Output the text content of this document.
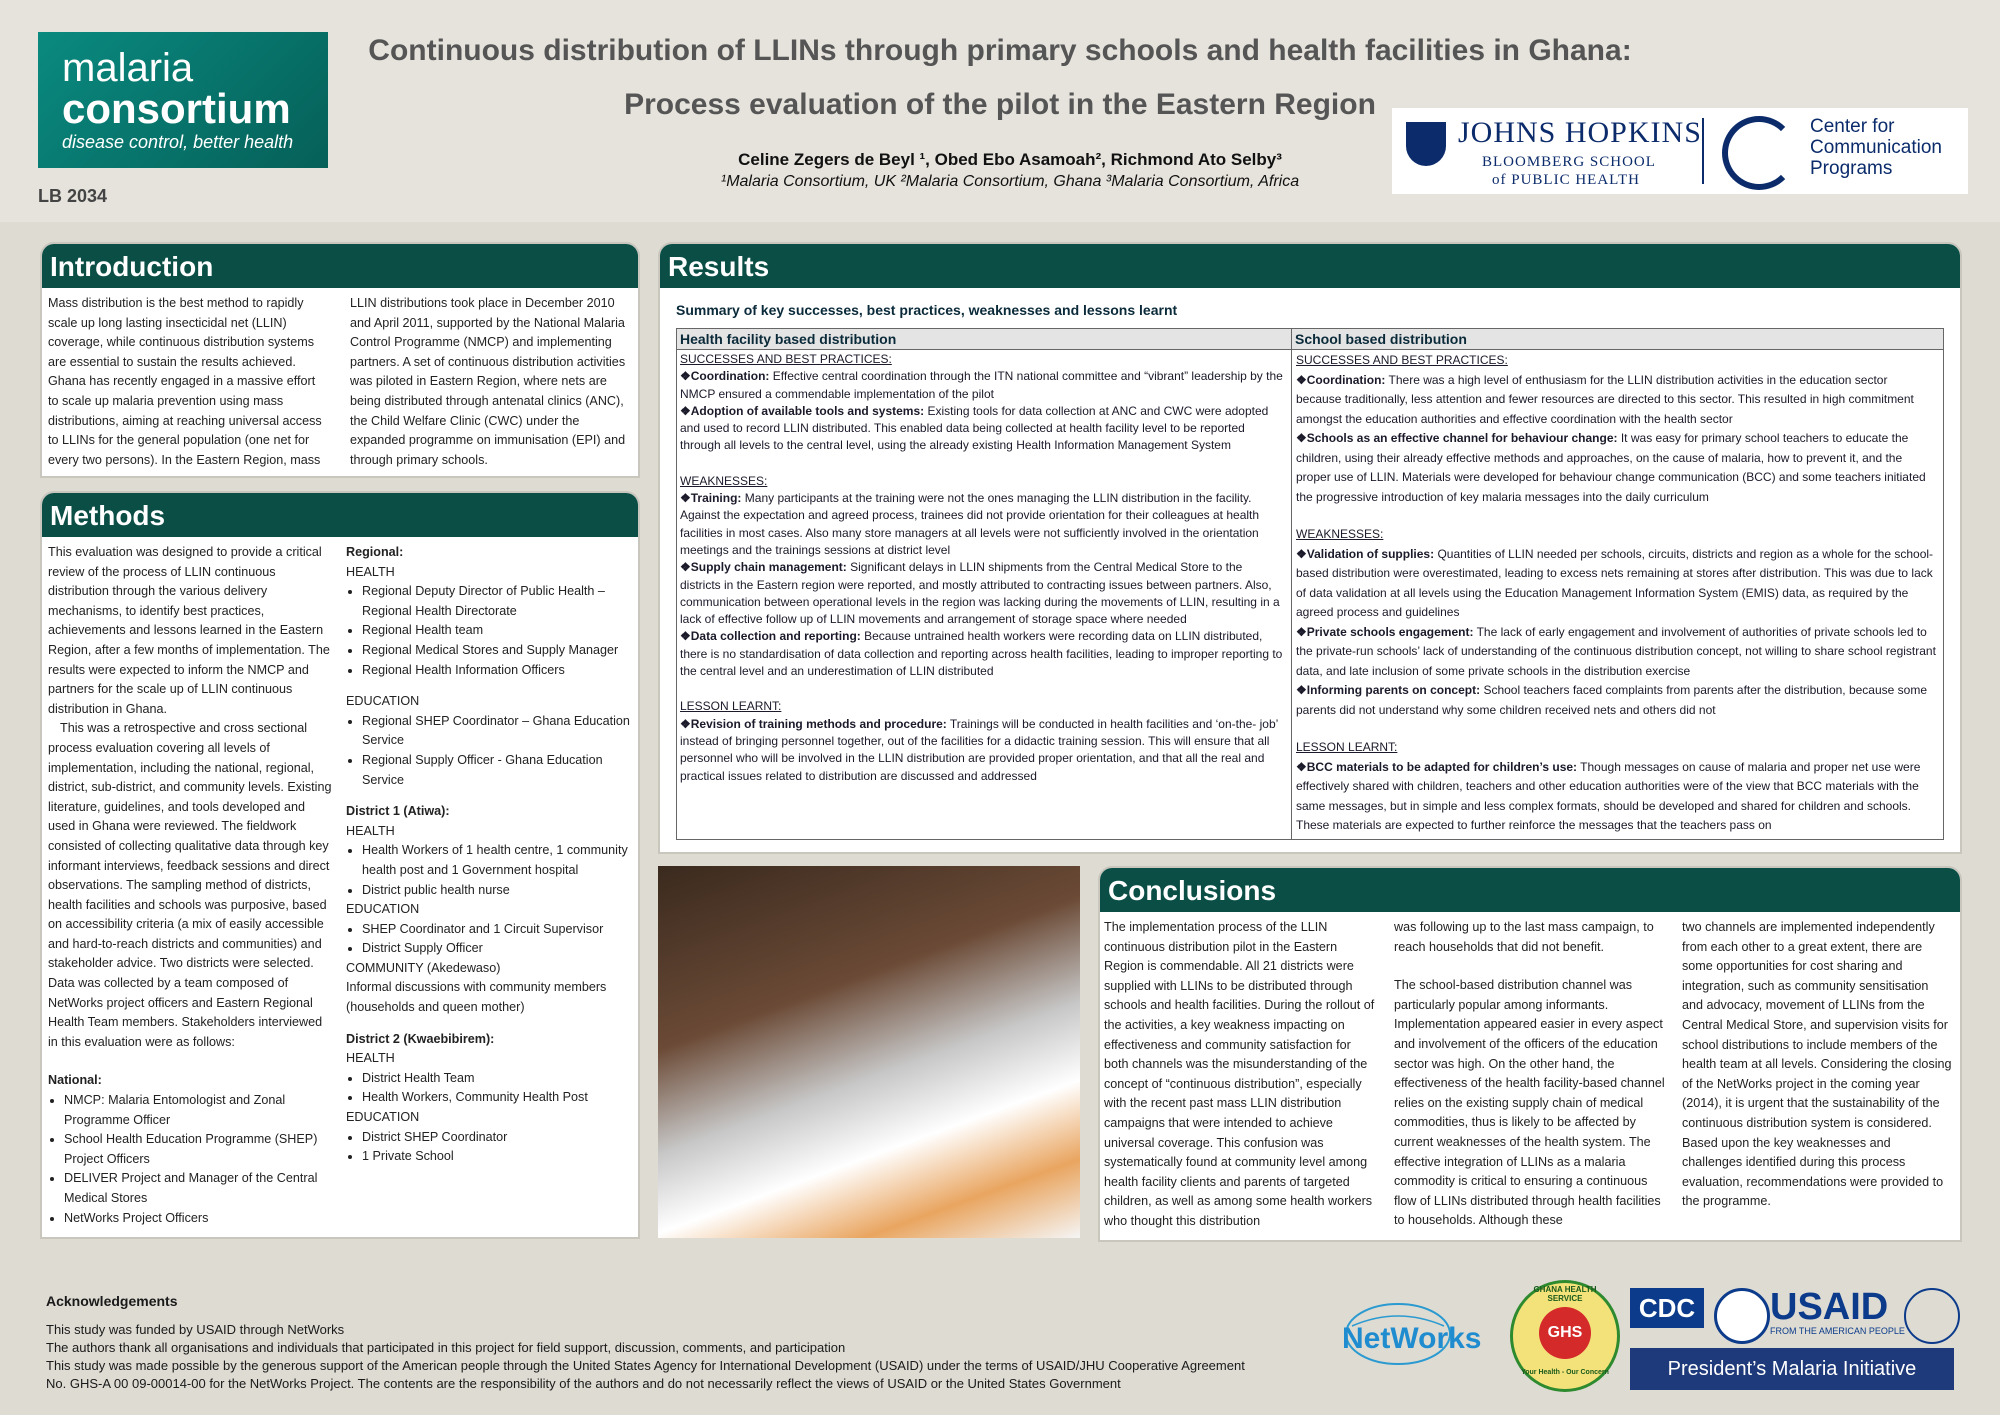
malaria
consortium
disease control, better health
LB 2034
Continuous distribution of LLINs through primary schools and health facilities in Ghana:
Process evaluation of the pilot in the Eastern Region
Celine Zegers de Beyl ¹, Obed Ebo Asamoah², Richmond Ato Selby³
¹Malaria Consortium, UK ²Malaria Consortium, Ghana ³Malaria Consortium, Africa
JOHNS HOPKINS
BLOOMBERG SCHOOL
of PUBLIC HEALTH
Center for
Communication
Programs
Introduction
Mass distribution is the best method to rapidly scale up long lasting insecticidal net (LLIN) coverage, while continuous distribution systems are essential to sustain the results achieved. Ghana has recently engaged in a massive effort to scale up malaria prevention using mass distributions, aiming at reaching universal access to LLINs for the general population (one net for every two persons). In the Eastern Region, mass
LLIN distributions took place in December 2010 and April 2011, supported by the National Malaria Control Programme (NMCP) and implementing partners. A set of continuous distribution activities was piloted in Eastern Region, where nets are being distributed through antenatal clinics (ANC), the Child Welfare Clinic (CWC) under the expanded programme on immunisation (EPI) and through primary schools.
Methods

This evaluation was designed to provide a critical review of the process of LLIN continuous distribution through the various delivery mechanisms, to identify best practices, achievements and lessons learned in the Eastern Region, after a few months of implementation. The results were expected to inform the NMCP and partners for the scale up of LLIN continuous distribution in Ghana.

This was a retrospective and cross sectional process evaluation covering all levels of implementation, including the national, regional, district, sub-district, and community levels. Existing literature, guidelines, and tools developed and used in Ghana were reviewed. The fieldwork consisted of collecting qualitative data through key informant interviews, feedback sessions and direct observations. The sampling method of districts, health facilities and schools was purposive, based on accessibility criteria (a mix of easily accessible and hard-to-reach districts and communities) and stakeholder advice. Two districts were selected. Data was collected by a team composed of NetWorks project officers and Eastern Regional Health Team members. Stakeholders interviewed in this evaluation were as follows:

National:

• NMCP: Malaria Entomologist and Zonal Programme Officer
• School Health Education Programme (SHEP) Project Officers
• DELIVER Project and Manager of the Central Medical Stores
• NetWorks Project Officers

Regional:

HEALTH

• Regional Deputy Director of Public Health – Regional Health Directorate
• Regional Health team
• Regional Medical Stores and Supply Manager
• Regional Health Information Officers

EDUCATION

• Regional SHEP Coordinator – Ghana Education Service
• Regional Supply Officer - Ghana Education Service

District 1 (Atiwa):

HEALTH

• Health Workers of 1 health centre, 1 community health post and 1 Government hospital
• District public health nurse

EDUCATION

• SHEP Coordinator and 1 Circuit Supervisor
• District Supply Officer

COMMUNITY (Akedewaso)

Informal discussions with community members (households and queen mother)

District 2 (Kwaebibirem):

HEALTH

• District Health Team
• Health Workers, Community Health Post

EDUCATION

• District SHEP Coordinator
• 1 Private School
Results
Summary of key successes, best practices, weaknesses and lessons learnt
Health facility based distribution	School based distribution

SUCCESSES AND BEST PRACTICES:

❖Coordination: Effective central coordination through the ITN national committee and “vibrant” leadership by the NMCP ensured a commendable implementation of the pilot

❖Adoption of available tools and systems: Existing tools for data collection at ANC and CWC were adopted and used to record LLIN distributed. This enabled data being collected at health facility level to be reported through all levels to the central level, using the already existing Health Information Management System

WEAKNESSES:

❖Training: Many participants at the training were not the ones managing the LLIN distribution in the facility. Against the expectation and agreed process, trainees did not provide orientation for their colleagues at health facilities in most cases. Also many store managers at all levels were not sufficiently involved in the orientation meetings and the trainings sessions at district level

❖Supply chain management: Significant delays in LLIN shipments from the Central Medical Store to the districts in the Eastern region were reported, and mostly attributed to contracting issues between partners. Also, communication between operational levels in the region was lacking during the movements of LLIN, resulting in a lack of effective follow up of LLIN movements and arrangement of storage space where needed

❖Data collection and reporting: Because untrained health workers were recording data on LLIN distributed, there is no standardisation of data collection and reporting across health facilities, leading to improper reporting to the central level and an underestimation of LLIN distributed

LESSON LEARNT:

❖Revision of training methods and procedure: Trainings will be conducted in health facilities and ‘on-the- job’ instead of bringing personnel together, out of the facilities for a didactic training session. This will ensure that all personnel who will be involved in the LLIN distribution are provided proper orientation, and that all the real and practical issues related to distribution are discussed and addressed

SUCCESSES AND BEST PRACTICES:

❖Coordination: There was a high level of enthusiasm for the LLIN distribution activities in the education sector because traditionally, less attention and fewer resources are directed to this sector. This resulted in high commitment amongst the education authorities and effective coordination with the health sector

❖Schools as an effective channel for behaviour change: It was easy for primary school teachers to educate the children, using their already effective methods and approaches, on the cause of malaria, how to prevent it, and the proper use of LLIN. Materials were developed for behaviour change communication (BCC) and some teachers initiated the progressive introduction of key malaria messages into the daily curriculum

WEAKNESSES:

❖Validation of supplies: Quantities of LLIN needed per schools, circuits, districts and region as a whole for the school-based distribution were overestimated, leading to excess nets remaining at stores after distribution. This was due to lack of data validation at all levels using the Education Management Information System (EMIS) data, as required by the agreed process and guidelines

❖Private schools engagement: The lack of early engagement and involvement of authorities of private schools led to the private-run schools’ lack of understanding of the continuous distribution concept, not willing to share school registrant data, and late inclusion of some private schools in the distribution exercise

❖Informing parents on concept: School teachers faced complaints from parents after the distribution, because some parents did not understand why some children received nets and others did not

LESSON LEARNT:

❖BCC materials to be adapted for children’s use: Though messages on cause of malaria and proper net use were effectively shared with children, teachers and other education authorities were of the view that BCC materials with the same messages, but in simple and less complex formats, should be developed and shared for children and schools. These materials are expected to further reinforce the messages that the teachers pass on

Conclusions
The implementation process of the LLIN continuous distribution pilot in the Eastern Region is commendable. All 21 districts were supplied with LLINs to be distributed through schools and health facilities. During the rollout of the activities, a key weakness impacting on effectiveness and community satisfaction for both channels was the misunderstanding of the concept of “continuous distribution”, especially with the recent past mass LLIN distribution campaigns that were intended to achieve universal coverage. This confusion was systematically found at community level among health facility clients and parents of targeted children, as well as among some health workers who thought this distribution

was following up to the last mass campaign, to reach households that did not benefit.

The school-based distribution channel was particularly popular among informants. Implementation appeared easier in every aspect and involvement of the officers of the education sector was high. On the other hand, the effectiveness of the health facility-based channel relies on the existing supply chain of medical commodities, thus is likely to be affected by current weaknesses of the health system. The effective integration of LLINs as a malaria commodity is critical to ensuring a continuous flow of LLINs distributed through health facilities to households. Although these

two channels are implemented independently from each other to a great extent, there are some opportunities for cost sharing and integration, such as community sensitisation and advocacy, movement of LLINs from the Central Medical Store, and supervision visits for school distributions to include members of the health team at all levels. Considering the closing of the NetWorks project in the coming year (2014), it is urgent that the sustainability of the continuous distribution system is considered. Based upon the key weaknesses and challenges identified during this process evaluation, recommendations were provided to the programme.
Acknowledgements
This study was funded by USAID through NetWorks
The authors thank all organisations and individuals that participated in this project for field support, discussion, comments, and participation
This study was made possible by the generous support of the American people through the United States Agency for International Development (USAID) under the terms of USAID/JHU Cooperative Agreement
No. GHS-A 00 09-00014-00 for the NetWorks Project. The contents are the responsibility of the authors and do not necessarily reflect the views of USAID or the United States Government
NetWorks
GHANA HEALTH SERVICE
GHS
Your Health - Our Concern
CDC USAID
FROM THE AMERICAN PEOPLE
President’s Malaria Initiative
